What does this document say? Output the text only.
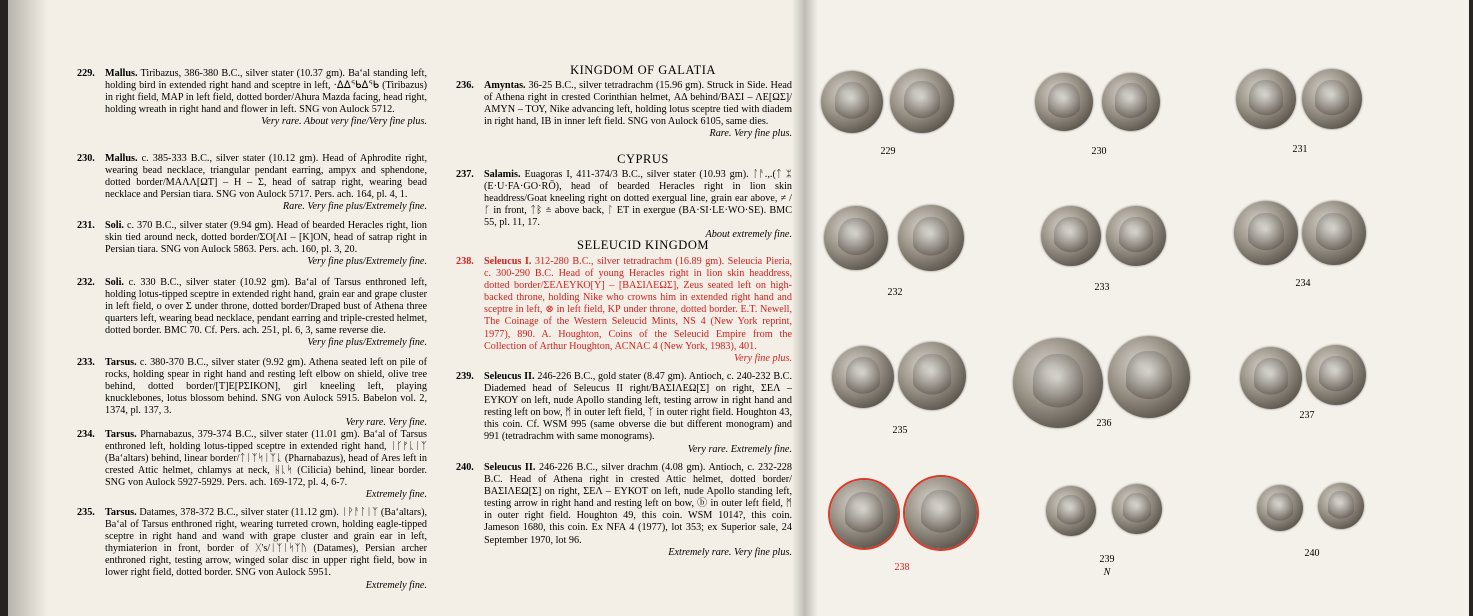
229. Mallus. Tiribazus, 386-380 B.C., silver stater (10.37 gm). Ba‘al standing left, holding bird in extended right hand and sceptre in left, ·ᐃᐃᖃᐃᖃ (Tiribazus) in right field, MAP in left field, dotted border/Ahura Mazda facing, head right, holding wreath in right hand and flower in left. SNG von Aulock 5712.
Very rare. About very fine/Very fine plus.
230. Mallus. c. 385-333 B.C., silver stater (10.12 gm). Head of Aphrodite right, wearing bead necklace, triangular pendant earring, ampyx and sphendone, dotted border/ΜΑΛΛ[ΩΤ] – Η – Σ, head of satrap right, wearing bead necklace and Persian tiara. SNG von Aulock 5717. Pers. ach. 164, pl. 4, 1.
Rare. Very fine plus/Extremely fine.
231. Soli. c. 370 B.C., silver stater (9.94 gm). Head of bearded Heracles right, lion skin tied around neck, dotted border/ΣΟ[ΛΙ – [Κ]ΟΝ, head of satrap right in Persian tiara. SNG von Aulock 5863. Pers. ach. 160, pl. 3, 20.
Very fine plus/Extremely fine.
232. Soli. c. 330 B.C., silver stater (10.92 gm). Ba‘al of Tarsus enthroned left, holding lotus-tipped sceptre in extended right hand, grain ear and grape cluster in left field, o over Σ under throne, dotted border/Draped bust of Athena three quarters left, wearing bead necklace, pendant earring and triple-crested helmet, dotted border. BMC 70. Cf. Pers. ach. 251, pl. 6, 3, same reverse die.
Very fine plus/Extremely fine.
233. Tarsus. c. 380-370 B.C., silver stater (9.92 gm). Athena seated left on pile of rocks, holding spear in right hand and resting left elbow on shield, olive tree behind, dotted border/[Τ]Ε[ΡΣΙΚΟΝ], girl kneeling left, playing knucklebones, lotus blossom behind. SNG von Aulock 5915. Babelon vol. 2, 1374, pl. 137, 3.
Very rare. Very fine.
234. Tarsus. Pharnabazus, 379-374 B.C., silver stater (11.01 gm). Ba‘al of Tarsus enthroned left, holding lotus-tipped sceptre in extended right hand, ᛁᚴᚠᚳᛁᛉ (Ba‘altars) behind, linear border/ᛏᛁᛉᛋᛁᛉᚳ (Pharnabazus), head of Ares left in crested Attic helmet, chlamys at neck, ᚺᚳᛋ (Cilicia) behind, linear border. SNG von Aulock 5927-5929. Pers. ach. 169-172, pl. 4, 6-7.
Extremely fine.
235. Tarsus. Datames, 378-372 B.C., silver stater (11.12 gm). ᛁᚹᚨᛚᛁᛉ (Ba‘altars), Ba‘al of Tarsus enthroned right, wearing turreted crown, holding eagle-tipped sceptre in right hand and wand with grape cluster and grain ear in left, thymiaterion in front, border of ᚷ's/ᛁᛉᛁᛋᛉᚢ (Datames), Persian archer enthroned right, testing arrow, winged solar disc in upper right field, bow in lower right field, dotted border. SNG von Aulock 5951.
Extremely fine.
KINGDOM OF GALATIA
236. Amyntas. 36-25 B.C., silver tetradrachm (15.96 gm). Struck in Side. Head of Athena right in crested Corinthian helmet, ΑΔ behind/ΒΑΣΙ – ΛΕ[ΩΣ]/ΑΜΥΝ – ΤΟΥ, Nike advancing left, holding lotus sceptre tied with diadem in right hand, ΙΒ in inner left field. SNG von Aulock 6105, same dies.
Rare. Very fine plus.
CYPRUS
237. Salamis. Euagoras I, 411-374/3 B.C., silver stater (10.93 gm). ᛚᚨ.,.(ᛏ ᛯ (E·U·FA·GO·RŌ), head of bearded Heracles right in lion skin headdress/Goat kneeling right on dotted exergual line, grain ear above, ≠ /ᚴ in front, ᛏᛒ ≗ above back, ᛚ ET in exergue (BA·SI·LE·WO·SE). BMC 55, pl. 11, 17.
About extremely fine.
SELEUCID KINGDOM
238. Seleucus I. 312-280 B.C., silver tetradrachm (16.89 gm). Seleucia Pieria, c. 300-290 B.C. Head of young Heracles right in lion skin headdress, dotted border/ΣΕΛΕΥΚΟ[Υ] – [ΒΑΣΙΛΕΩΣ], Zeus seated left on high-backed throne, holding Nike who crowns him in extended right hand and sceptre in left, ⊗ in left field, ΚΡ under throne, dotted border. E.T. Newell, The Coinage of the Western Seleucid Mints, NS 4 (New York reprint, 1977), 890. A. Houghton, Coins of the Seleucid Empire from the Collection of Arthur Houghton, ACNAC 4 (New York, 1983), 401.
Very fine plus.
239. Seleucus II. 246-226 B.C., gold stater (8.47 gm). Antioch, c. 240-232 B.C. Diademed head of Seleucus II right/ΒΑΣΙΛΕΩ[Σ] on right, ΣΕΛ – ΕΥΚΟΥ on left, nude Apollo standing left, testing arrow in right hand and resting left on bow, ᛗ in outer left field, ᛉ in outer right field. Houghton 43, this coin. Cf. WSM 995 (same obverse die but different monogram) and 991 (tetradrachm with same monograms).
Very rare. Extremely fine.
240. Seleucus II. 246-226 B.C., silver drachm (4.08 gm). Antioch, c. 232-228 B.C. Head of Athena right in crested Attic helmet, dotted border/ΒΑΣΙΛΕΩ[Σ] on right, ΣΕΛ – ΕΥΚΟΤ on left, nude Apollo standing left, testing arrow in right hand and resting left on bow, ⓑ in outer left field, ᛗ in outer right field. Houghton 49, this coin. WSM 1014?, this coin. Jameson 1680, this coin. Ex NFA 4 (1977), lot 353; ex Superior sale, 24 September 1970, lot 96.
Extremely rare. Very fine plus.
229	230	231
232	233	234
235
236
237
238
239
N
240
